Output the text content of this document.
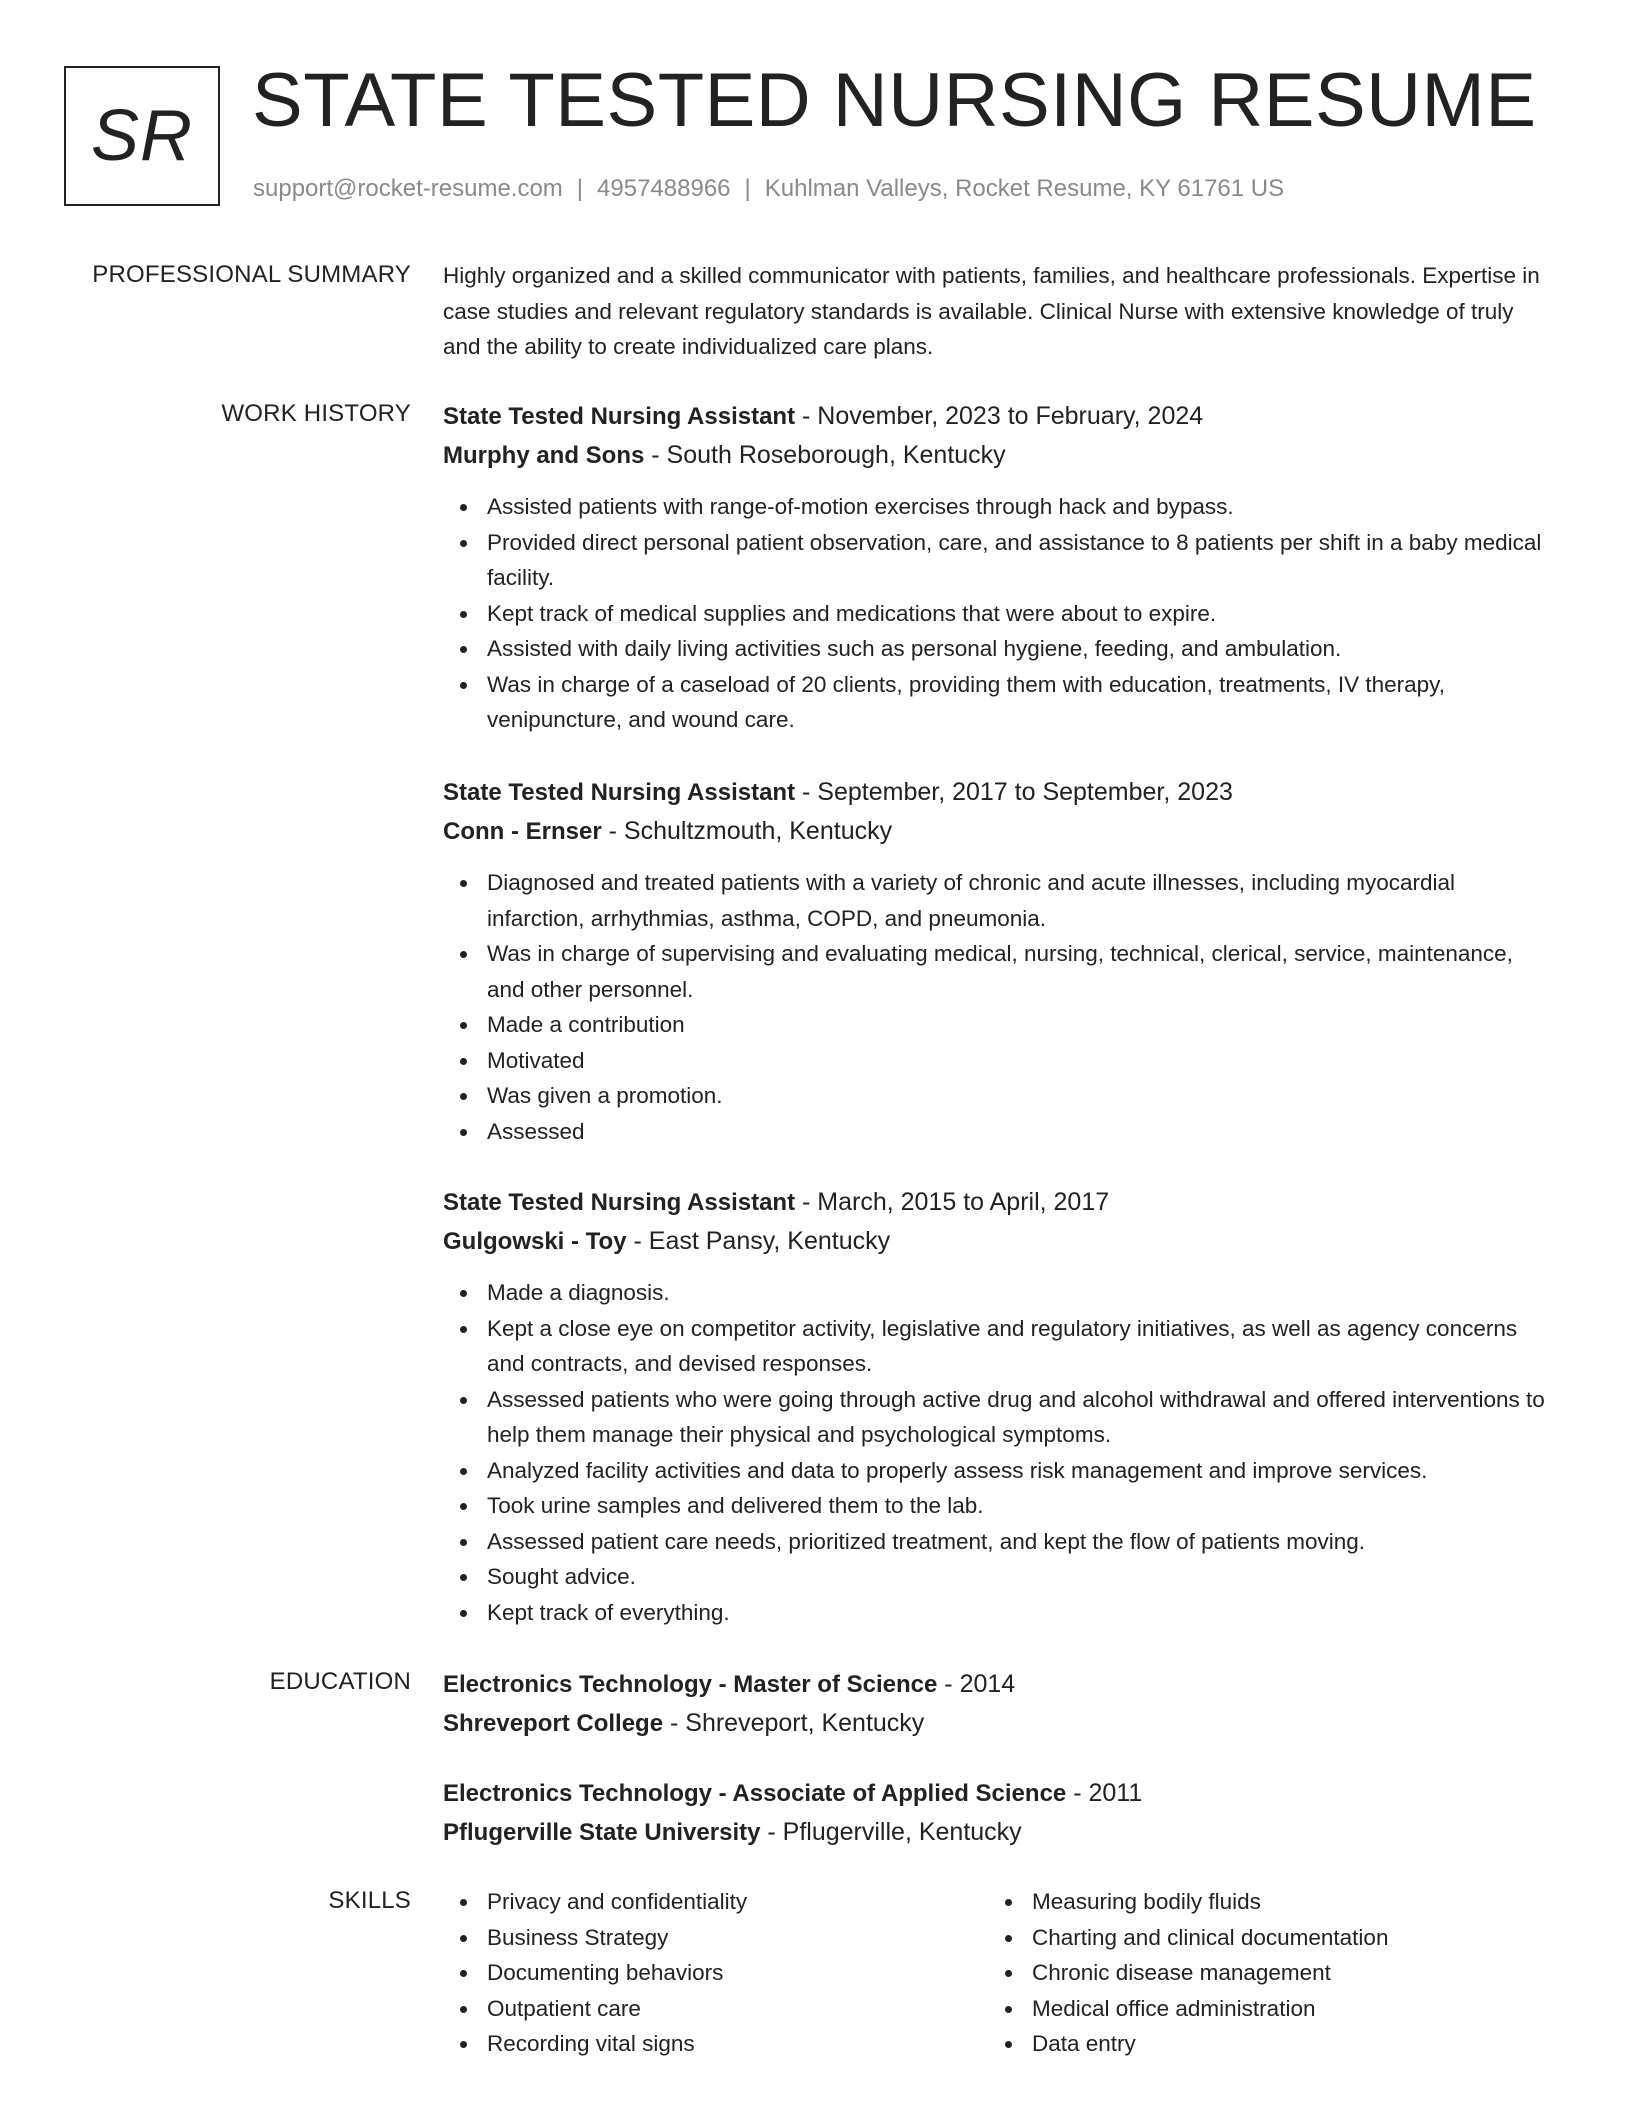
SR STATE TESTED NURSING RESUME
support@rocket-resume.com | 4957488966 | Kuhlman Valleys, Rocket Resume, KY 61761 US
PROFESSIONAL SUMMARY Highly organized and a skilled communicator with patients, families, and healthcare professionals. Expertise in case studies and relevant regulatory standards is available. Clinical Nurse with extensive knowledge of truly and the ability to create individualized care plans.

WORK HISTORY State Tested Nursing Assistant - November, 2023 to February, 2024

Murphy and Sons - South Roseborough, Kentucky

Assisted patients with range-of-motion exercises through hack and bypass.
Provided direct personal patient observation, care, and assistance to 8 patients per shift in a baby medical facility.
Kept track of medical supplies and medications that were about to expire.
Assisted with daily living activities such as personal hygiene, feeding, and ambulation.
Was in charge of a caseload of 20 clients, providing them with education, treatments, IV therapy, venipuncture, and wound care.

State Tested Nursing Assistant - September, 2017 to September, 2023

Conn - Ernser - Schultzmouth, Kentucky

Diagnosed and treated patients with a variety of chronic and acute illnesses, including myocardial infarction, arrhythmias, asthma, COPD, and pneumonia.
Was in charge of supervising and evaluating medical, nursing, technical, clerical, service, maintenance, and other personnel.
Made a contribution
Motivated
Was given a promotion.
Assessed

State Tested Nursing Assistant - March, 2015 to April, 2017

Gulgowski - Toy - East Pansy, Kentucky

Made a diagnosis.
Kept a close eye on competitor activity, legislative and regulatory initiatives, as well as agency concerns and contracts, and devised responses.
Assessed patients who were going through active drug and alcohol withdrawal and offered interventions to help them manage their physical and psychological symptoms.
Analyzed facility activities and data to properly assess risk management and improve services.
Took urine samples and delivered them to the lab.
Assessed patient care needs, prioritized treatment, and kept the flow of patients moving.
Sought advice.
Kept track of everything.
EDUCATION Electronics Technology - Master of Science - 2014

Shreveport College - Shreveport, Kentucky

Electronics Technology - Associate of Applied Science - 2011

Pflugerville State University - Pflugerville, Kentucky

SKILLS	Privacy and confidentiality
Business Strategy
Documenting behaviors
Outpatient care
Recording vital signs
Measuring bodily fluids
Charting and clinical documentation
Chronic disease management
Medical office administration
Data entry
